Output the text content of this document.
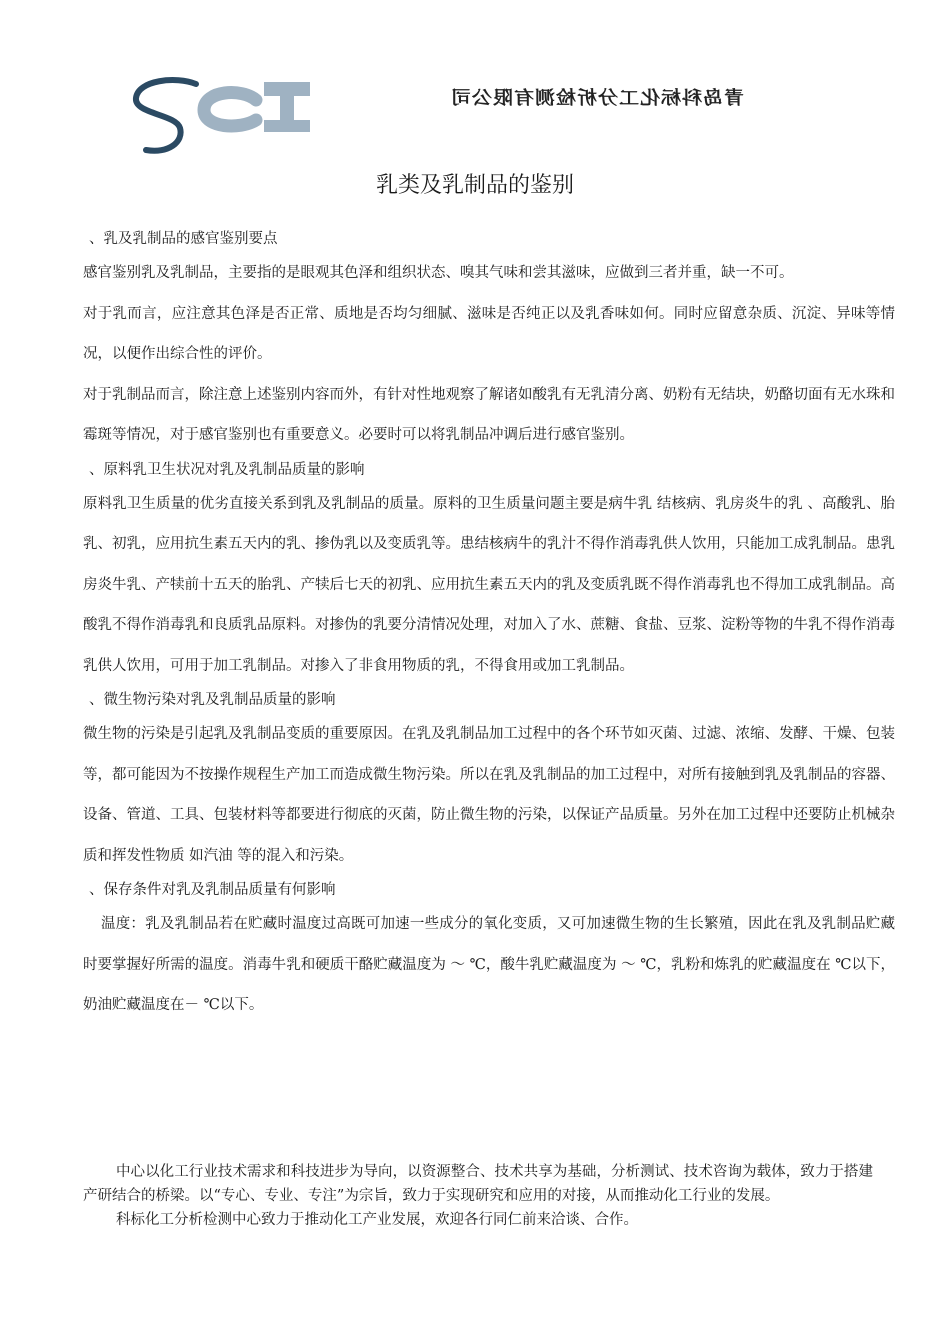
青岛科标化工分析检测有限公司
乳类及乳制品的鉴别

、乳及乳制品的感官鉴别要点

感官鉴别乳及乳制品，主要指的是眼观其色泽和组织状态、嗅其气味和尝其滋味，应做到三者并重，缺一不可。

对于乳而言，应注意其色泽是否正常、质地是否均匀细腻、滋味是否纯正以及乳香味如何。同时应留意杂质、沉淀、异味等情况，以便作出综合性的评价。

对于乳制品而言，除注意上述鉴别内容而外，有针对性地观察了解诸如酸乳有无乳清分离、奶粉有无结块，奶酪切面有无水珠和霉斑等情况，对于感官鉴别也有重要意义。必要时可以将乳制品冲调后进行感官鉴别。

、原料乳卫生状况对乳及乳制品质量的影响

原料乳卫生质量的优劣直接关系到乳及乳制品的质量。原料的卫生质量问题主要是病牛乳 结核病、乳房炎牛的乳 、高酸乳、胎乳、初乳，应用抗生素五天内的乳、掺伪乳以及变质乳等。患结核病牛的乳汁不得作消毒乳供人饮用，只能加工成乳制品。患乳房炎牛乳、产犊前十五天的胎乳、产犊后七天的初乳、应用抗生素五天内的乳及变质乳既不得作消毒乳也不得加工成乳制品。高酸乳不得作消毒乳和良质乳品原料。对掺伪的乳要分清情况处理，对加入了水、蔗糖、食盐、豆浆、淀粉等物的牛乳不得作消毒乳供人饮用，可用于加工乳制品。对掺入了非食用物质的乳，不得食用或加工乳制品。

、微生物污染对乳及乳制品质量的影响

微生物的污染是引起乳及乳制品变质的重要原因。在乳及乳制品加工过程中的各个环节如灭菌、过滤、浓缩、发酵、干燥、包装等，都可能因为不按操作规程生产加工而造成微生物污染。所以在乳及乳制品的加工过程中，对所有接触到乳及乳制品的容器、设备、管道、工具、包装材料等都要进行彻底的灭菌，防止微生物的污染，以保证产品质量。另外在加工过程中还要防止机械杂质和挥发性物质 如汽油 等的混入和污染。

、保存条件对乳及乳制品质量有何影响

温度：乳及乳制品若在贮藏时温度过高既可加速一些成分的氧化变质，又可加速微生物的生长繁殖，因此在乳及乳制品贮藏时要掌握好所需的温度。消毒牛乳和硬质干酪贮藏温度为 ～ ℃，酸牛乳贮藏温度为 ～ ℃，乳粉和炼乳的贮藏温度在 ℃以下，奶油贮藏温度在－ ℃以下。

中心以化工行业技术需求和科技进步为导向，以资源整合、技术共享为基础，分析测试、技术咨询为载体，致力于搭建产研结合的桥梁。以“专心、专业、专注”为宗旨，致力于实现研究和应用的对接，从而推动化工行业的发展。

科标化工分析检测中心致力于推动化工产业发展，欢迎各行同仁前来洽谈、合作。
